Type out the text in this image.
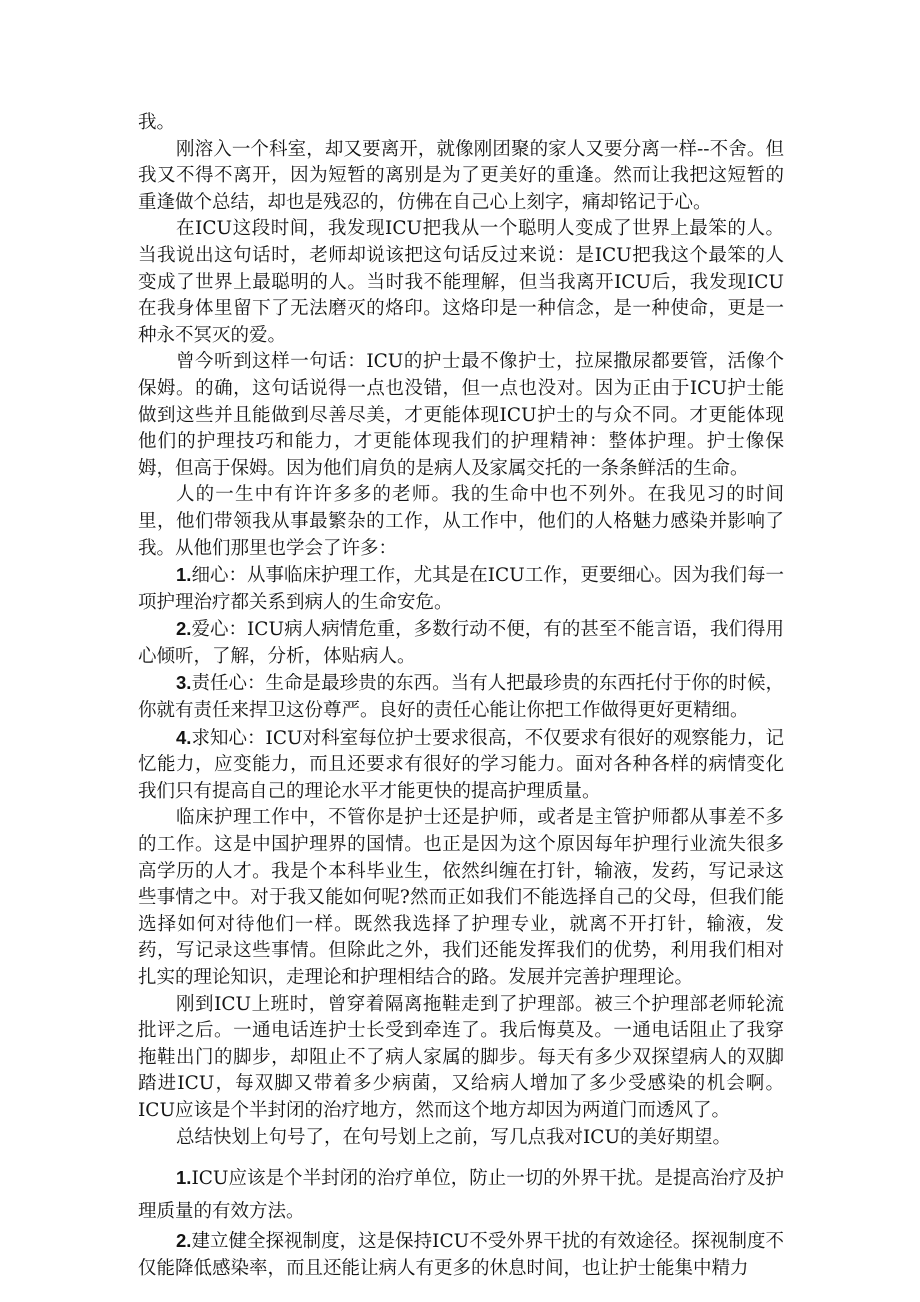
我。

刚溶入一个科室，却又要离开，就像刚团聚的家人又要分离一样--不舍。但我又不得不离开，因为短暂的离别是为了更美好的重逢。然而让我把这短暂的重逢做个总结，却也是残忍的，仿佛在自己心上刻字，痛却铭记于心。

在ICU这段时间，我发现ICU把我从一个聪明人变成了世界上最笨的人。当我说出这句话时，老师却说该把这句话反过来说：是ICU把我这个最笨的人变成了世界上最聪明的人。当时我不能理解，但当我离开ICU后，我发现ICU在我身体里留下了无法磨灭的烙印。这烙印是一种信念，是一种使命，更是一种永不冥灭的爱。

曾今听到这样一句话：ICU的护士最不像护士，拉屎撒尿都要管，活像个保姆。的确，这句话说得一点也没错，但一点也没对。因为正由于ICU护士能做到这些并且能做到尽善尽美，才更能体现ICU护士的与众不同。才更能体现他们的护理技巧和能力，才更能体现我们的护理精神：整体护理。护士像保姆，但高于保姆。因为他们肩负的是病人及家属交托的一条条鲜活的生命。

人的一生中有许许多多的老师。我的生命中也不列外。在我见习的时间里，他们带领我从事最繁杂的工作，从工作中，他们的人格魅力感染并影响了我。从他们那里也学会了许多：

1.细心：从事临床护理工作，尤其是在ICU工作，更要细心。因为我们每一项护理治疗都关系到病人的生命安危。

2.爱心：ICU病人病情危重，多数行动不便，有的甚至不能言语，我们得用心倾听，了解，分析，体贴病人。

3.责任心：生命是最珍贵的东西。当有人把最珍贵的东西托付于你的时候，你就有责任来捍卫这份尊严。良好的责任心能让你把工作做得更好更精细。

4.求知心：ICU对科室每位护士要求很高，不仅要求有很好的观察能力，记忆能力，应变能力，而且还要求有很好的学习能力。面对各种各样的病情变化我们只有提高自己的理论水平才能更快的提高护理质量。

临床护理工作中，不管你是护士还是护师，或者是主管护师都从事差不多的工作。这是中国护理界的国情。也正是因为这个原因每年护理行业流失很多高学历的人才。我是个本科毕业生，依然纠缠在打针，输液，发药，写记录这些事情之中。对于我又能如何呢?然而正如我们不能选择自己的父母，但我们能选择如何对待他们一样。既然我选择了护理专业，就离不开打针，输液，发药，写记录这些事情。但除此之外，我们还能发挥我们的优势，利用我们相对扎实的理论知识，走理论和护理相结合的路。发展并完善护理理论。

刚到ICU上班时，曾穿着隔离拖鞋走到了护理部。被三个护理部老师轮流批评之后。一通电话连护士长受到牵连了。我后悔莫及。一通电话阻止了我穿拖鞋出门的脚步，却阻止不了病人家属的脚步。每天有多少双探望病人的双脚踏进ICU，每双脚又带着多少病菌，又给病人增加了多少受感染的机会啊。ICU应该是个半封闭的治疗地方，然而这个地方却因为两道门而透风了。

总结快划上句号了，在句号划上之前，写几点我对ICU的美好期望。

1.ICU应该是个半封闭的治疗单位，防止一切的外界干扰。是提高治疗及护理质量的有效方法。

2.建立健全探视制度，这是保持ICU不受外界干扰的有效途径。探视制度不仅能降低感染率，而且还能让病人有更多的休息时间，也让护士能集中精力
